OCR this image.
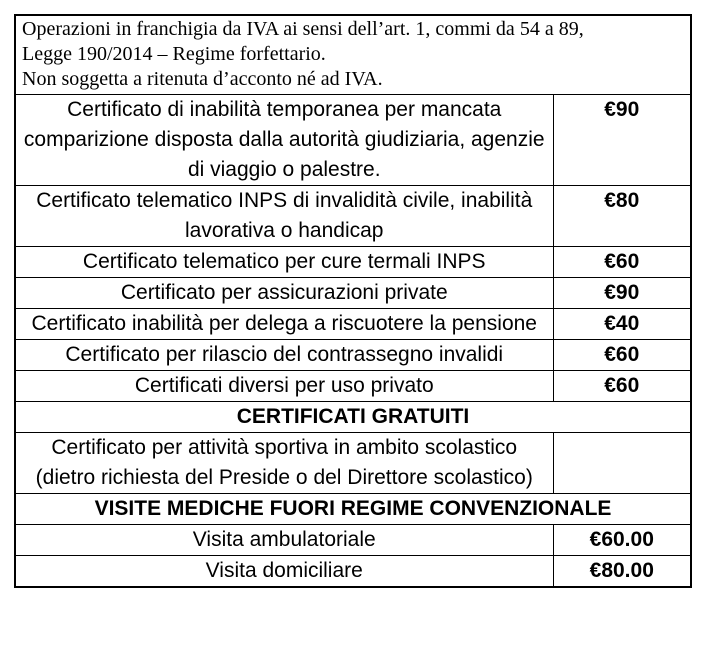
Operazioni in franchigia da IVA ai sensi dell’art. 1, commi da 54 a 89,
Legge 190/2014 – Regime forfettario.
Non soggetta a ritenuta d’acconto né ad IVA.	

Certificato di inabilità temporanea per mancata comparizione disposta dalla autorità giudiziaria, agenzie di viaggio o palestre.	€90
Certificato telematico INPS di invalidità civile, inabilità lavorativa o handicap	€80
Certificato telematico per cure termali INPS	€60
Certificato per assicurazioni private	€90
Certificato inabilità per delega a riscuotere la pensione	€40
Certificato per rilascio del contrassegno invalidi	€60
Certificati diversi per uso privato	€60
CERTIFICATI GRATUITI	
Certificato per attività sportiva in ambito scolastico (dietro richiesta del Preside o del Direttore scolastico)	
VISITE MEDICHE FUORI REGIME CONVENZIONALE	
Visita ambulatoriale	€60.00
Visita domiciliare	€80.00
